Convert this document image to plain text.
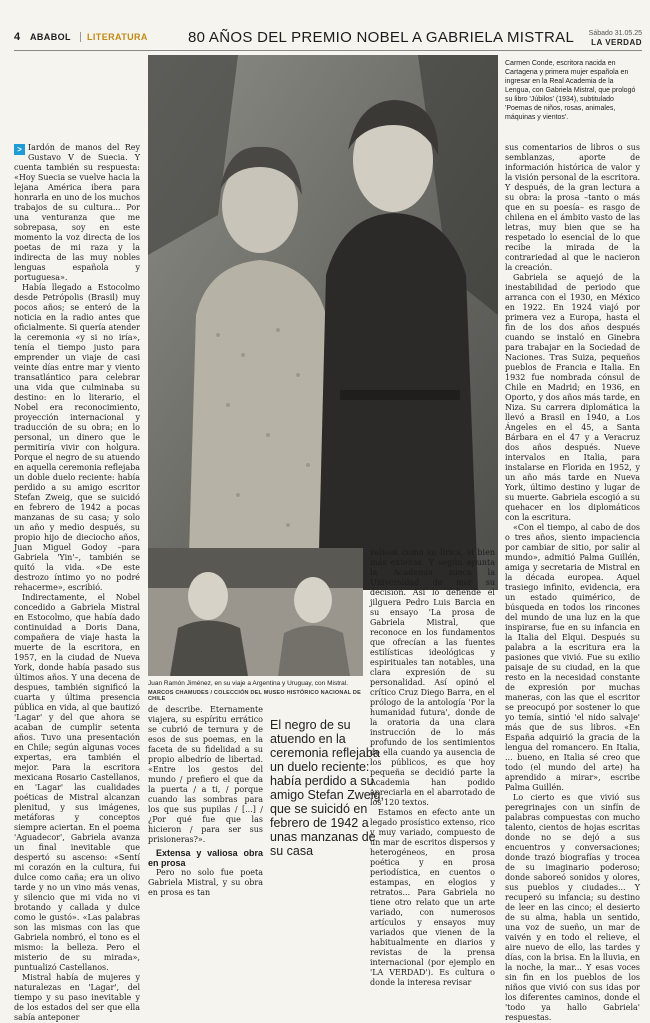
4 ABABOL	LITERATURA	80 AÑOS DEL PREMIO NOBEL A GABRIELA MISTRAL Sábado 31.05.25
LA VERDAD
Carmen Conde, escritora nacida en Cartagena y primera mujer española en ingresar en la Real Academia de la Lengua, con Gabriela Mistral, que prologó su libro 'Júbilos' (1934), subtitulado 'Poemas de niños, rosas, animales, máquinas y vientos'.
Juan Ramón Jiménez, en su viaje a Argentina y Uruguay, con Mistral.
MARCOS CHAMUDES / COLECCIÓN DEL MUSEO HISTÓRICO NACIONAL DE CHILE

> Iardón de manos del Rey Gustavo V de Suecia. Y cuenta también su respuesta: «Hoy Suecia se vuelve hacia la lejana América ibera para honrarla en uno de los muchos trabajos de su cultura... Por una venturanza que me sobrepasa, soy en este momento la voz directa de los poetas de mi raza y la indirecta de las muy nobles lenguas española y portuguesa».

Había llegado a Estocolmo desde Petrópolis (Brasil) muy pocos años; se enteró de la noticia en la radio antes que oficialmente. Si quería atender la ceremonia «y si no iría», tenía el tiempo justo para emprender un viaje de casi veinte días entre mar y viento transatlántico para celebrar una vida que culminaba su destino: en lo literario, el Nobel era reconocimiento, proyección internacional y traducción de su obra; en lo personal, un dinero que le permitiría vivir con holgura. Porque el negro de su atuendo en aquella ceremonia reflejaba un doble duelo reciente: había perdido a su amigo escritor Stefan Zweig, que se suicidó en febrero de 1942 a pocas manzanas de su casa; y solo un año y medio después, su propio hijo de dieciocho años, Juan Miguel Godoy –para Gabriela 'Yin'–, también se quitó la vida. «De este destrozo íntimo yo no podré rehacerme», escribió.

Indirectamente, el Nobel concedido a Gabriela Mistral en Estocolmo, que había dado continuidad a Doris Dana, compañera de viaje hasta la muerte de la escritora, en 1957, en la ciudad de Nueva York, donde había pasado sus últimos años. Y una decena de despues, también significó la cuarta y última presencia pública en vida, al que bautizó 'Lagar' y del que ahora se acaban de cumplir setenta años. Tuvo una presentación en Chile; según algunas voces expertas, era también el mejor. Para la escritora mexicana Rosario Castellanos, en 'Lagar' las cualidades poéticas de Mistral alcanzan plenitud, y sus imágenes, metáforas y conceptos siempre aciertan. En el poema 'Aguadecor', Gabriela avanza un final inevitable que despertó su ascenso: «Sentí mi corazón en la cultura, fui dulce como caña; era un olivo tarde y no un vino más venas, y silencio que mi vida no vi brotando y callada y dulce como le gustó». «Las palabras son las mismas con las que Gabriela nombró, el tono es el mismo: la belleza. Pero el misterio de su mirada», puntualizó Castellanos.

Mistral había de mujeres y naturalezas en 'Lagar', del tiempo y su paso inevitable y de los estados del ser que ella sabía anteponer

de describe. Eternamente viajera, su espíritu errático se cubrió de ternura y de esos de sus poemas, en la faceta de su fidelidad a su propio albedrío de libertad. «Entre los gestos del mundo / prefiero el que da la puerta / a ti, / porque cuando las sombras para los que sus pupilas / [...] / ¿Por qué fue que las hicieron / para ser sus prisioneras?».

Extensa y valiosa obra en prosa

Pero no solo fue poeta Gabriela Mistral, y su obra en prosa es tan

valiosa como su lírica, si bien más extensa. Y según apunta la Academia sueca la Universidad de mar su decisión. Así lo defiende el jilguera Pedro Luis Barcia en su ensayo 'La prosa de Gabriela Mistral, que reconoce en los fundamentos que ofrecían a las fuentes estilísticas ideológicas y espirituales tan notables, una clara expresión de su personalidad. Así opinó el crítico Cruz Diego Barra, en el prólogo de la antología 'Por la humanidad futura', donde de la oratoria da una clara instrucción de lo más profundo de los sentimientos de ella cuando ya ausencia de los públicos, es que hoy pequeña se decidió parte la Academia han podido apreciarla en el abarrotado de los 120 textos.

Estamos en efecto ante un legado prosístico extenso, rico y muy variado, compuesto de un mar de escritos dispersos y heterogéneos, en prosa poética y en prosa periodística, en cuentos o estampas, en elogios y retratos... Para Gabriela no tiene otro relato que un arte variado, con numerosos artículos y ensayos muy variados que vienen de la habitualmente en diarios y revistas de la prensa internacional (por ejemplo en 'LA VERDAD'). Es cultura o donde la interesa revisar

El negro de su atuendo en la ceremonia reflejaba un duelo reciente: había perdido a su amigo Stefan Zweig, que se suicidó en febrero de 1942 a unas manzanas de su casa

sus comentarios de libros o sus semblanzas, aporte de información histórica de valor y la visión personal de la escritora. Y después, de la gran lectura a su obra: la prosa –tanto o más que en su poesía– es rasgo de chilena en el ámbito vasto de las letras, muy bien que se ha respetado lo esencial de lo que recibe la mirada de la contrariedad al que le nacieron la creación.

Gabriela se aquejó de la inestabilidad de periodo que arranca con el 1930, en México en 1922. En 1924 viajó por primera vez a Europa, hasta el fin de los dos años después cuando se instaló en Ginebra para trabajar en la Sociedad de Naciones. Tras Suiza, pequeños pueblos de Francia e Italia. En 1932 fue nombrada cónsul de Chile en Madrid; en 1936, en Oporto, y dos años más tarde, en Niza. Su carrera diplomática la llevó a Brasil en 1940, a Los Ángeles en el 45, a Santa Bárbara en el 47 y a Veracruz dos años después. Nueve intervalos en Italia, para instalarse en Florida en 1952, y un año más tarde en Nueva York, último destino y lugar de su muerte. Gabriela escogió a su quehacer en los diplomáticos con la escritura.

«Con el tiempo, al cabo de dos o tres años, siento impaciencia por cambiar de sitio, por salir al mundo», admitió Palma Guillén, amiga y secretaria de Mistral en la década europea. Aquel trasiego infinito, evidencia, era un estado quimérico, de búsqueda en todos los rincones del mundo de una luz en la que inspirarse, fue en su infancia en la Italia del Elqui. Después su palabra a la escritura era la pasiones que vivió. Fue su exilio paisaje de su ciudad, en la que resto en la necesidad constante de expresión por muchas maneras, con las que el escritor se preocupó por sostener lo que yo temía, sintió 'el nido salvaje' más que de sus libros. «En España adquirió la gracia de la lengua del romancero. En Italia, ... bueno, en Italia sé creo que todo (el mundo del arte) ha aprendido a mirar», escribe Palma Guillén.

Lo cierto es que vivió sus peregrinajes con un sinfín de palabras compuestas con mucho talento, cientos de hojas escritas donde no se dejó a sus encuentros y conversaciones; donde trazó biografías y trocea de su imaginario poderoso; donde saboreó sonidos y olores, sus pueblos y ciudades... Y recuperó su infancia; su destino de leer en las cinco; el desierto de su alma, habla un sentido, una voz de sueño, un mar de vaivén y en todo el relieve, el aire nuevo de ello, las tardes y días, con la brisa. En la lluvia, en la noche, la mar... Y esas voces sin fin en los pueblos de los niños que vivió con sus idas por los diferentes caminos, donde el 'todo ya hallo Gabriela' respuestas.
